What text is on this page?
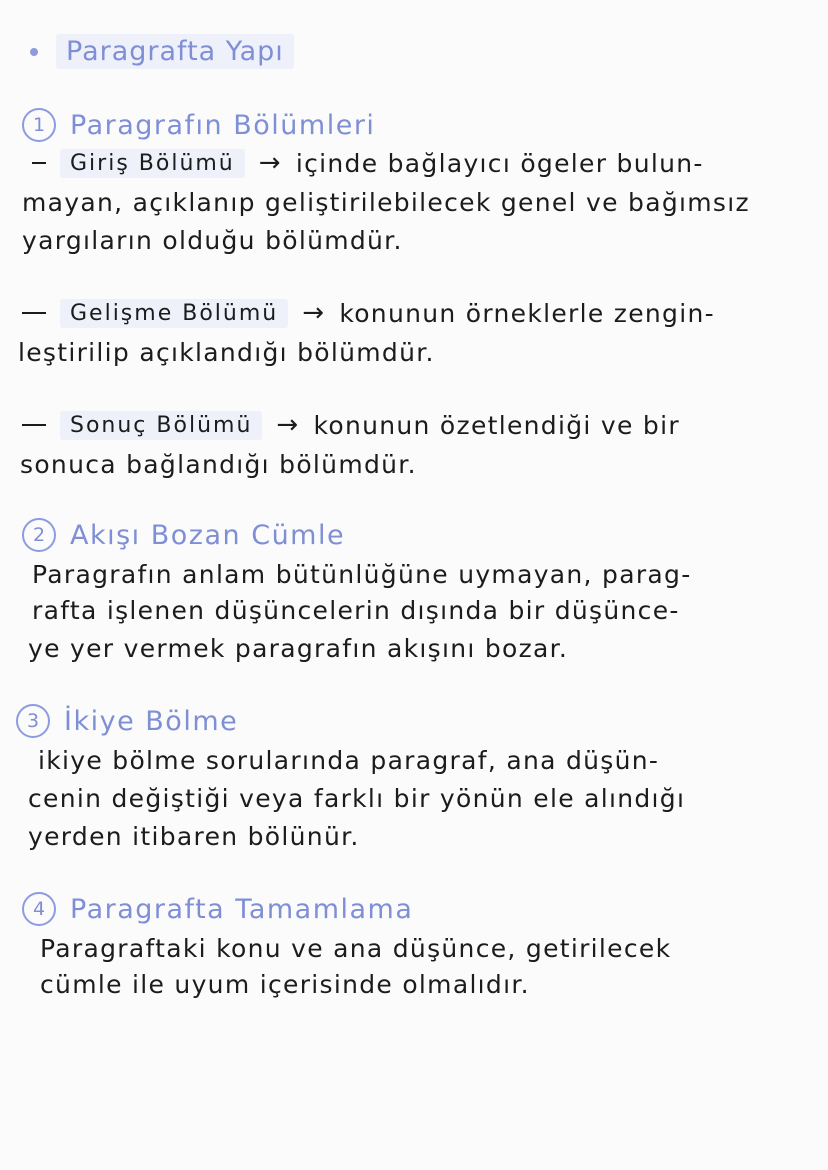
Paragrafta Yapı
1 Paragrafın Bölümleri
Giriş Bölümü → içinde bağlayıcı ögeler bulun-
mayan, açıklanıp geliştirilebilecek genel ve bağımsız
yargıların olduğu bölümdür.
Gelişme Bölümü → konunun örneklerle zengin-
leştirilip açıklandığı bölümdür.
Sonuç Bölümü → konunun özetlendiği ve bir
sonuca bağlandığı bölümdür.
2 Akışı Bozan Cümle
Paragrafın anlam bütünlüğüne uymayan, parag-
rafta işlenen düşüncelerin dışında bir düşünce-
ye yer vermek paragrafın akışını bozar.
3 İkiye Bölme
ikiye bölme sorularında paragraf, ana düşün-
cenin değiştiği veya farklı bir yönün ele alındığı
yerden itibaren bölünür.
4 Paragrafta Tamamlama
Paragraftaki konu ve ana düşünce, getirilecek
cümle ile uyum içerisinde olmalıdır.
